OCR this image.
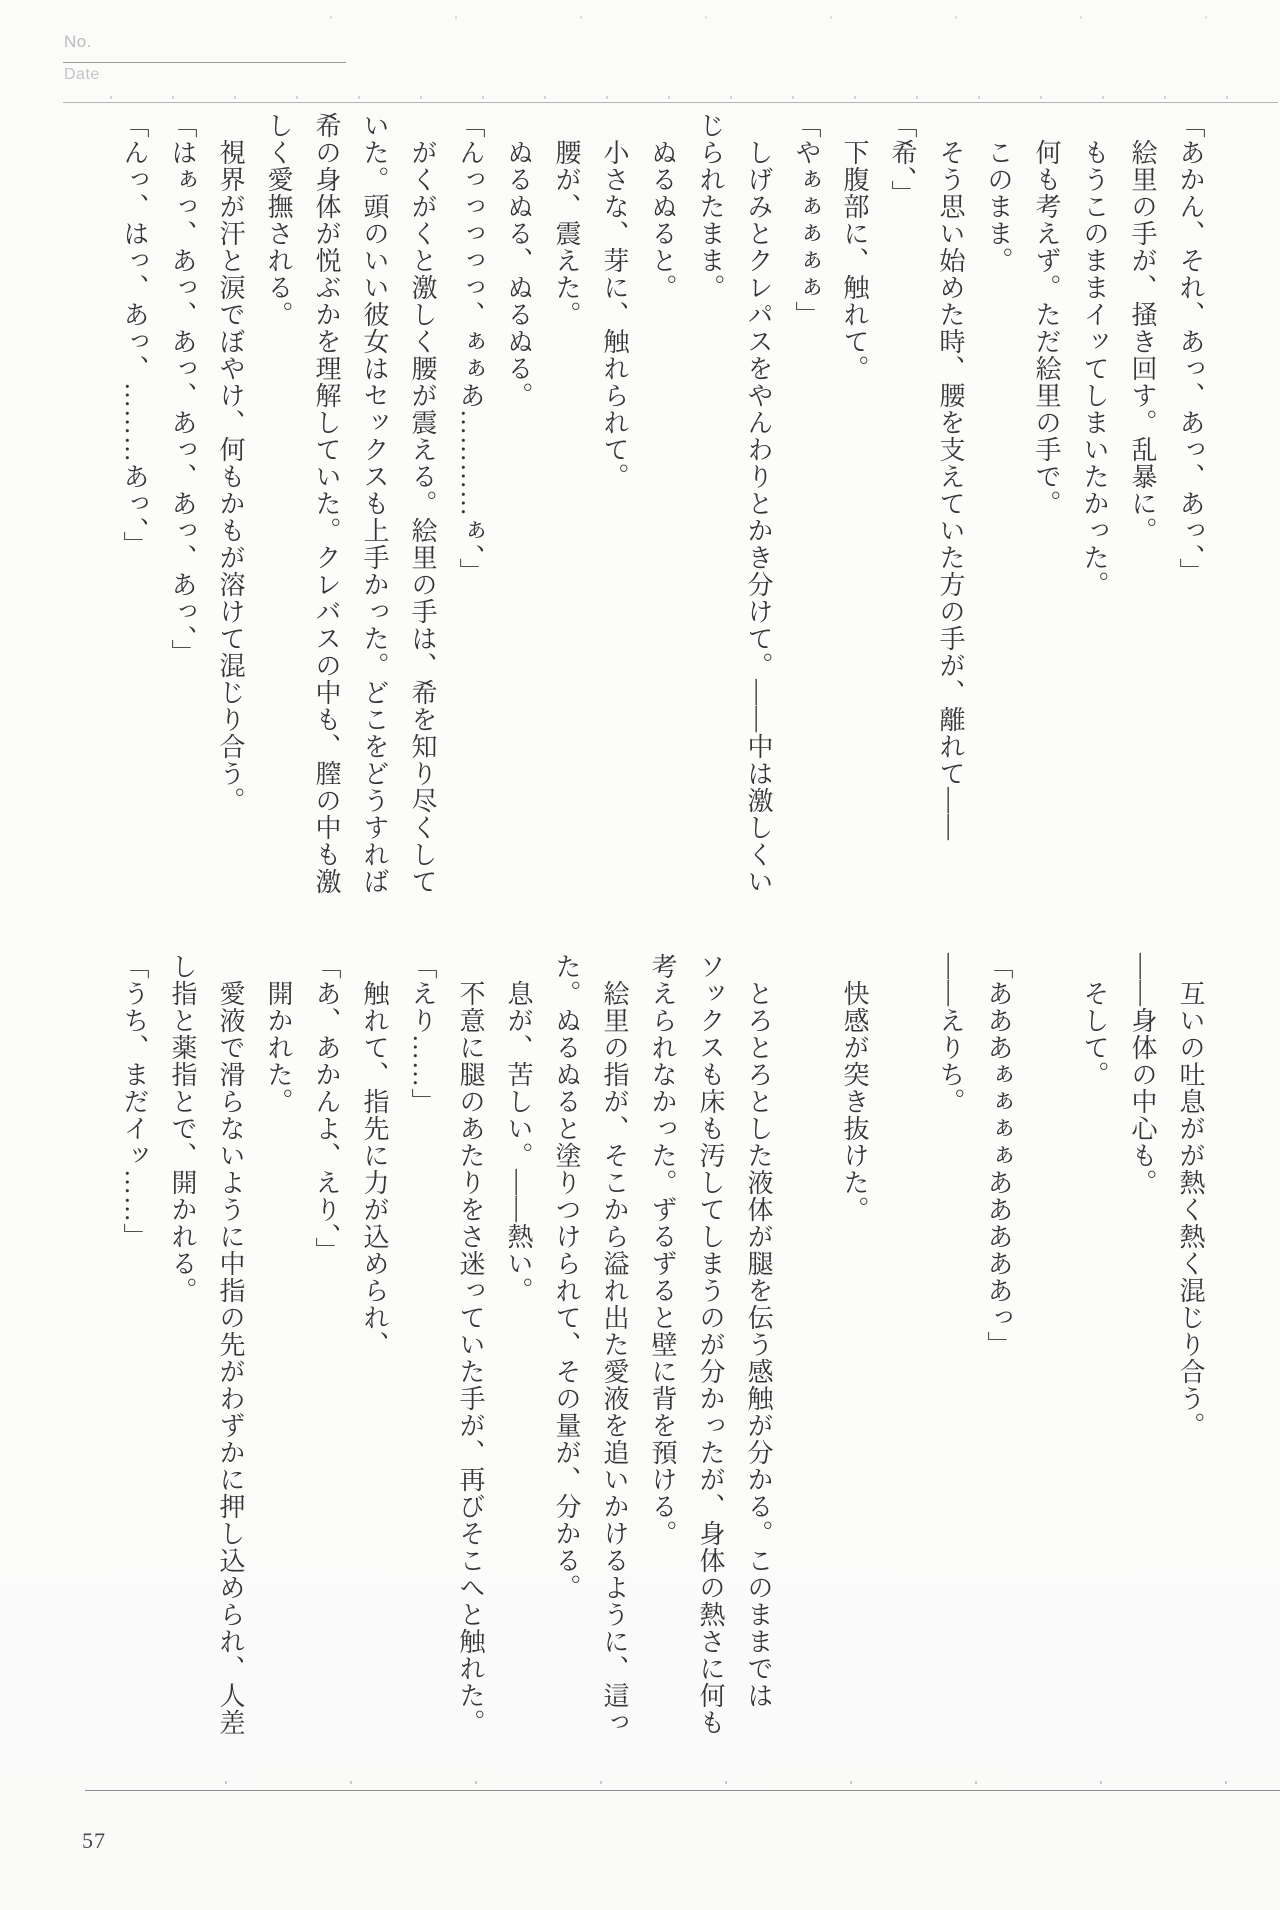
No.
Date
「あかん、それ、あっ、あっ、あっ、」
　絵里の手が、掻き回す。乱暴に。
　もうこのままイッてしまいたかった。
　何も考えず。ただ絵里の手で。
　このまま。
　そう思い始めた時、腰を支えていた方の手が、離れて――
「希、」
　下腹部に、触れて。
「やぁぁぁぁぁ」
　しげみとクレパスをやんわりとかき分けて。――中は激しくい
じられたまま。
　ぬるぬると。
　小さな、芽に、触れられて。
　腰が、震えた。
　ぬるぬる、ぬるぬる。
「んっっっっっ、ぁぁあ…………ぁ、」
　がくがくと激しく腰が震える。絵里の手は、希を知り尽くして
いた。頭のいい彼女はセックスも上手かった。どこをどうすれば
希の身体が悦ぶかを理解していた。クレバスの中も、膣の中も激
しく愛撫される。
　視界が汗と涙でぼやけ、何もかもが溶けて混じり合う。
「はぁっ、あっ、あっ、あっ、あっ、あっ、」
「んっ、はっ、あっ、………あっ、」
　互いの吐息がが熱く熱く混じり合う。
――身体の中心も。
　そして。
「あああぁぁぁぁあああああっ」
――えりち。
　快感が突き抜けた。
　とろとろとした液体が腿を伝う感触が分かる。このままでは
ソックスも床も汚してしまうのが分かったが、身体の熱さに何も
考えられなかった。ずるずると壁に背を預ける。
　絵里の指が、そこから溢れ出た愛液を追いかけるように、這っ
た。ぬるぬると塗りつけられて、その量が、分かる。
　息が、苦しい。――熱い。
　不意に腿のあたりをさ迷っていた手が、再びそこへと触れた。
「えり……」
　触れて、指先に力が込められ、
「あ、あかんよ、えり、」
　開かれた。
　愛液で滑らないように中指の先がわずかに押し込められ、人差
し指と薬指とで、開かれる。
「うち、まだイッ……」
57
